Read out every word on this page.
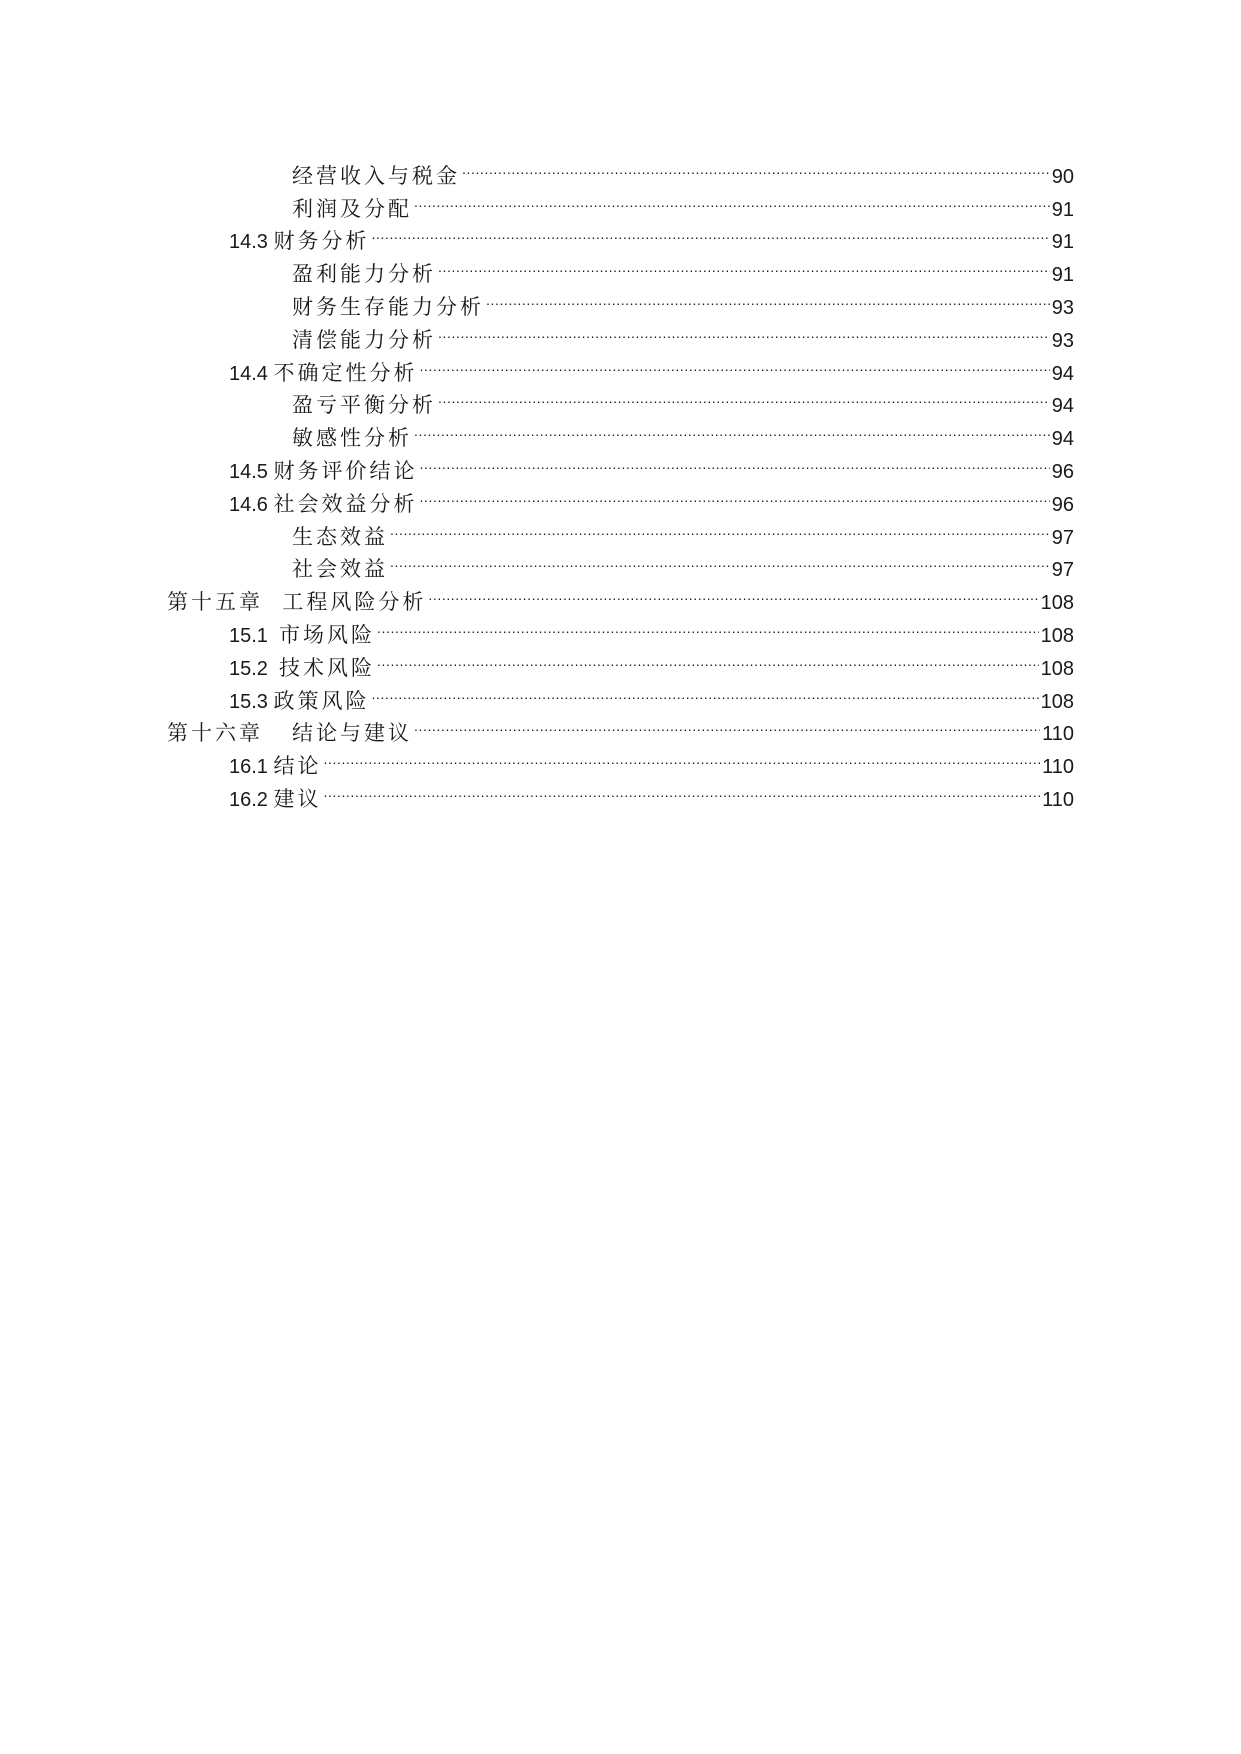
经营收入与税金 .....	90
利润及分配 .....	91
14.3 财务分析 .....	91
盈利能力分析 .....	91
财务生存能力分析 .....	93
清偿能力分析 .....	93
14.4 不确定性分析 .....	94
盈亏平衡分析 .....	94
敏感性分析 .....	94
14.5 财务评价结论 .....	96
14.6 社会效益分析 .....	96
生态效益 .....	97
社会效益 .....	97
第十五章  工程风险分析 .....	108
15.1 市场风险 .....	108
15.2 技术风险 .....	108
15.3 政策风险 .....	108
第十六章   结论与建议 .....	110
16.1 结论 .....	110
16.2 建议 .....	110
